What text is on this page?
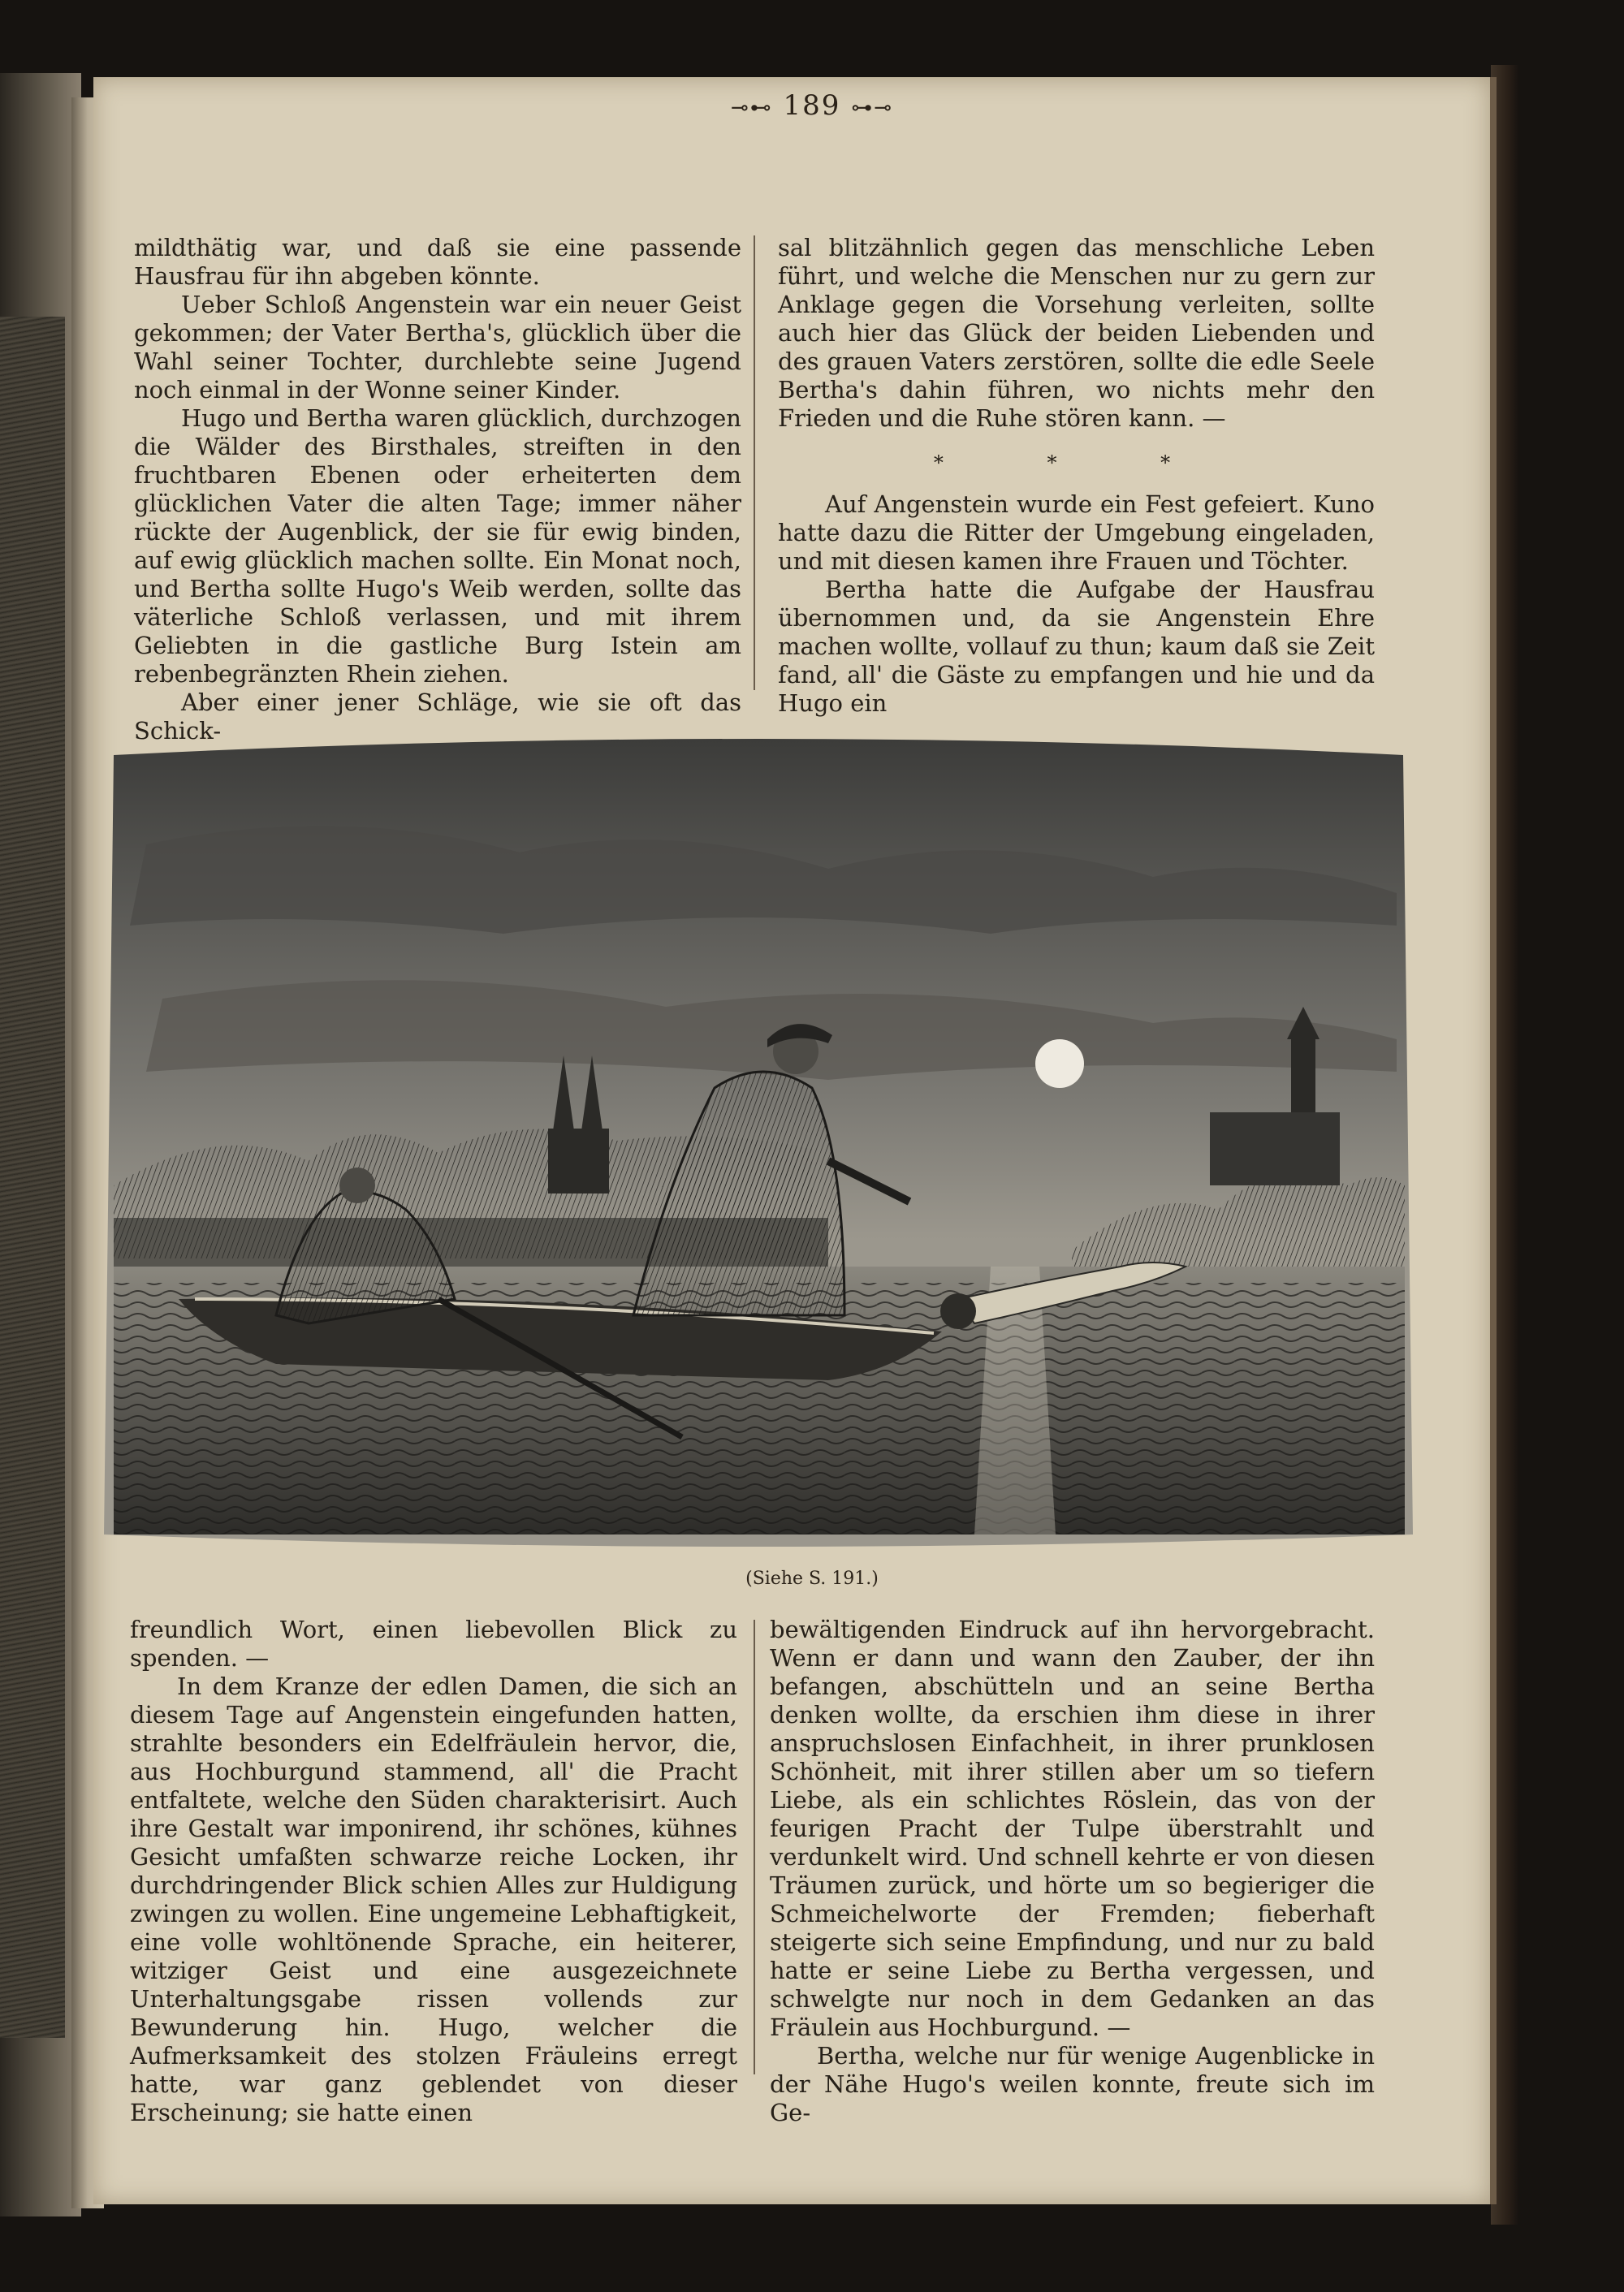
⊸⊷ 189 ⊶⊸

mildthätig war, und daß sie eine passende Hausfrau für ihn abgeben könnte.

Ueber Schloß Angenstein war ein neuer Geist gekommen; der Vater Bertha's, glücklich über die Wahl seiner Tochter, durchlebte seine Jugend noch einmal in der Wonne seiner Kinder.

Hugo und Bertha waren glücklich, durchzogen die Wälder des Birsthales, streiften in den fruchtbaren Ebenen oder erheiterten dem glücklichen Vater die alten Tage; immer näher rückte der Augenblick, der sie für ewig binden, auf ewig glücklich machen sollte. Ein Monat noch, und Bertha sollte Hugo's Weib werden, sollte das väterliche Schloß verlassen, und mit ihrem Geliebten in die gastliche Burg Istein am rebenbegränzten Rhein ziehen.

Aber einer jener Schläge, wie sie oft das Schick-

sal blitzähnlich gegen das menschliche Leben führt, und welche die Menschen nur zu gern zur Anklage gegen die Vorsehung verleiten, sollte auch hier das Glück der beiden Liebenden und des grauen Vaters zerstören, sollte die edle Seele Bertha's dahin führen, wo nichts mehr den Frieden und die Ruhe stören kann. —

* * *

Auf Angenstein wurde ein Fest gefeiert. Kuno hatte dazu die Ritter der Umgebung eingeladen, und mit diesen kamen ihre Frauen und Töchter.

Bertha hatte die Aufgabe der Hausfrau übernommen und, da sie Angenstein Ehre machen wollte, vollauf zu thun; kaum daß sie Zeit fand, all' die Gäste zu empfangen und hie und da Hugo ein

(Siehe S. 191.)

freundlich Wort, einen liebevollen Blick zu spenden. —

In dem Kranze der edlen Damen, die sich an diesem Tage auf Angenstein eingefunden hatten, strahlte besonders ein Edelfräulein hervor, die, aus Hochburgund stammend, all' die Pracht entfaltete, welche den Süden charakterisirt. Auch ihre Gestalt war imponirend, ihr schönes, kühnes Gesicht umfaßten schwarze reiche Locken, ihr durchdringender Blick schien Alles zur Huldigung zwingen zu wollen. Eine ungemeine Lebhaftigkeit, eine volle wohltönende Sprache, ein heiterer, witziger Geist und eine ausgezeichnete Unterhaltungsgabe rissen vollends zur Bewunderung hin. Hugo, welcher die Aufmerksamkeit des stolzen Fräuleins erregt hatte, war ganz geblendet von dieser Erscheinung; sie hatte einen

bewältigenden Eindruck auf ihn hervorgebracht. Wenn er dann und wann den Zauber, der ihn befangen, abschütteln und an seine Bertha denken wollte, da erschien ihm diese in ihrer anspruchslosen Einfachheit, in ihrer prunklosen Schönheit, mit ihrer stillen aber um so tiefern Liebe, als ein schlichtes Röslein, das von der feurigen Pracht der Tulpe überstrahlt und verdunkelt wird. Und schnell kehrte er von diesen Träumen zurück, und hörte um so begieriger die Schmeichelworte der Fremden; fieberhaft steigerte sich seine Empfindung, und nur zu bald hatte er seine Liebe zu Bertha vergessen, und schwelgte nur noch in dem Gedanken an das Fräulein aus Hochburgund. —

Bertha, welche nur für wenige Augenblicke in der Nähe Hugo's weilen konnte, freute sich im Ge-
